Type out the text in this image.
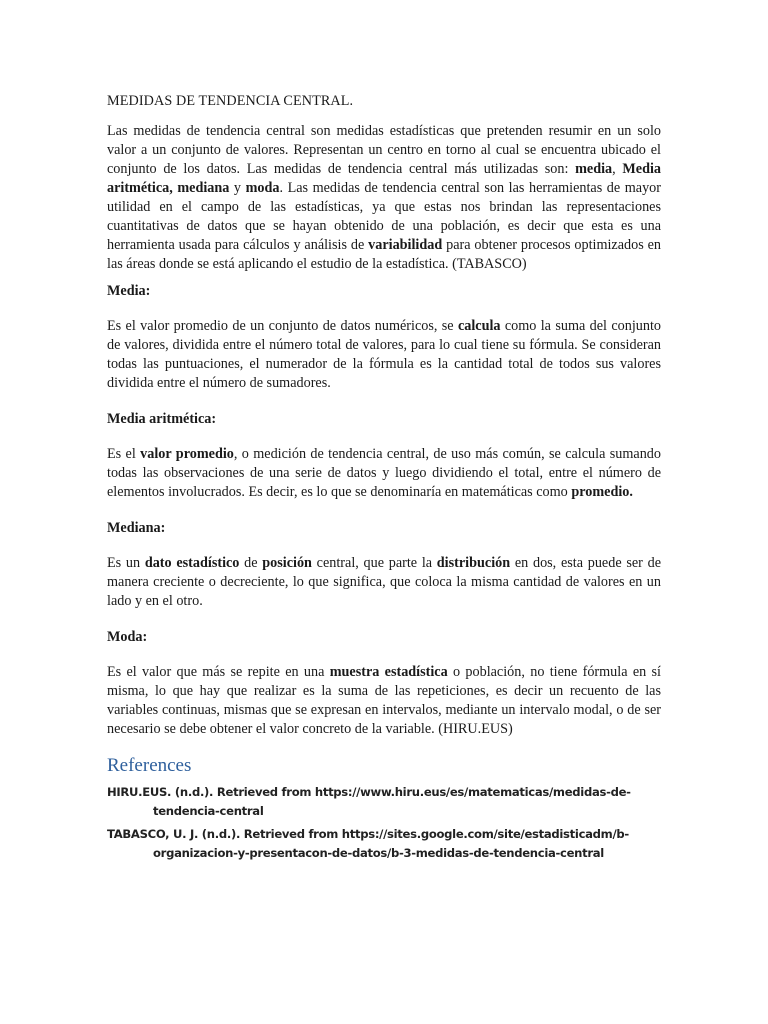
MEDIDAS DE TENDENCIA CENTRAL.

Las medidas de tendencia central son medidas estadísticas que pretenden resumir en un solo valor a un conjunto de valores. Representan un centro en torno al cual se encuentra ubicado el conjunto de los datos. Las medidas de tendencia central más utilizadas son: media, Media aritmética, mediana y moda. Las medidas de tendencia central son las herramientas de mayor utilidad en el campo de las estadísticas, ya que estas nos brindan las representaciones cuantitativas de datos que se hayan obtenido de una población, es decir que esta es una herramienta usada para cálculos y análisis de variabilidad para obtener procesos optimizados en las áreas donde se está aplicando el estudio de la estadística. (TABASCO)

Media:

Es el valor promedio de un conjunto de datos numéricos, se calcula como la suma del conjunto de valores, dividida entre el número total de valores, para lo cual tiene su fórmula. Se consideran todas las puntuaciones, el numerador de la fórmula es la cantidad total de todos sus valores dividida entre el número de sumadores.

Media aritmética:

Es el valor promedio, o medición de tendencia central, de uso más común, se calcula sumando todas las observaciones de una serie de datos y luego dividiendo el total, entre el número de elementos involucrados. Es decir, es lo que se denominaría en matemáticas como promedio.

Mediana:

Es un dato estadístico de posición central, que parte la distribución en dos, esta puede ser de manera creciente o decreciente, lo que significa, que coloca la misma cantidad de valores en un lado y en el otro.

Moda:

Es el valor que más se repite en una muestra estadística o población, no tiene fórmula en sí misma, lo que hay que realizar es la suma de las repeticiones, es decir un recuento de las variables continuas, mismas que se expresan en intervalos, mediante un intervalo modal, o de ser necesario se debe obtener el valor concreto de la variable. (HIRU.EUS)

References

HIRU.EUS. (n.d.). Retrieved from https://www.hiru.eus/es/matematicas/medidas-de-tendencia-central

TABASCO, U. J. (n.d.). Retrieved from https://sites.google.com/site/estadisticadm/b-organizacion-y-presentacon-de-datos/b-3-medidas-de-tendencia-central
